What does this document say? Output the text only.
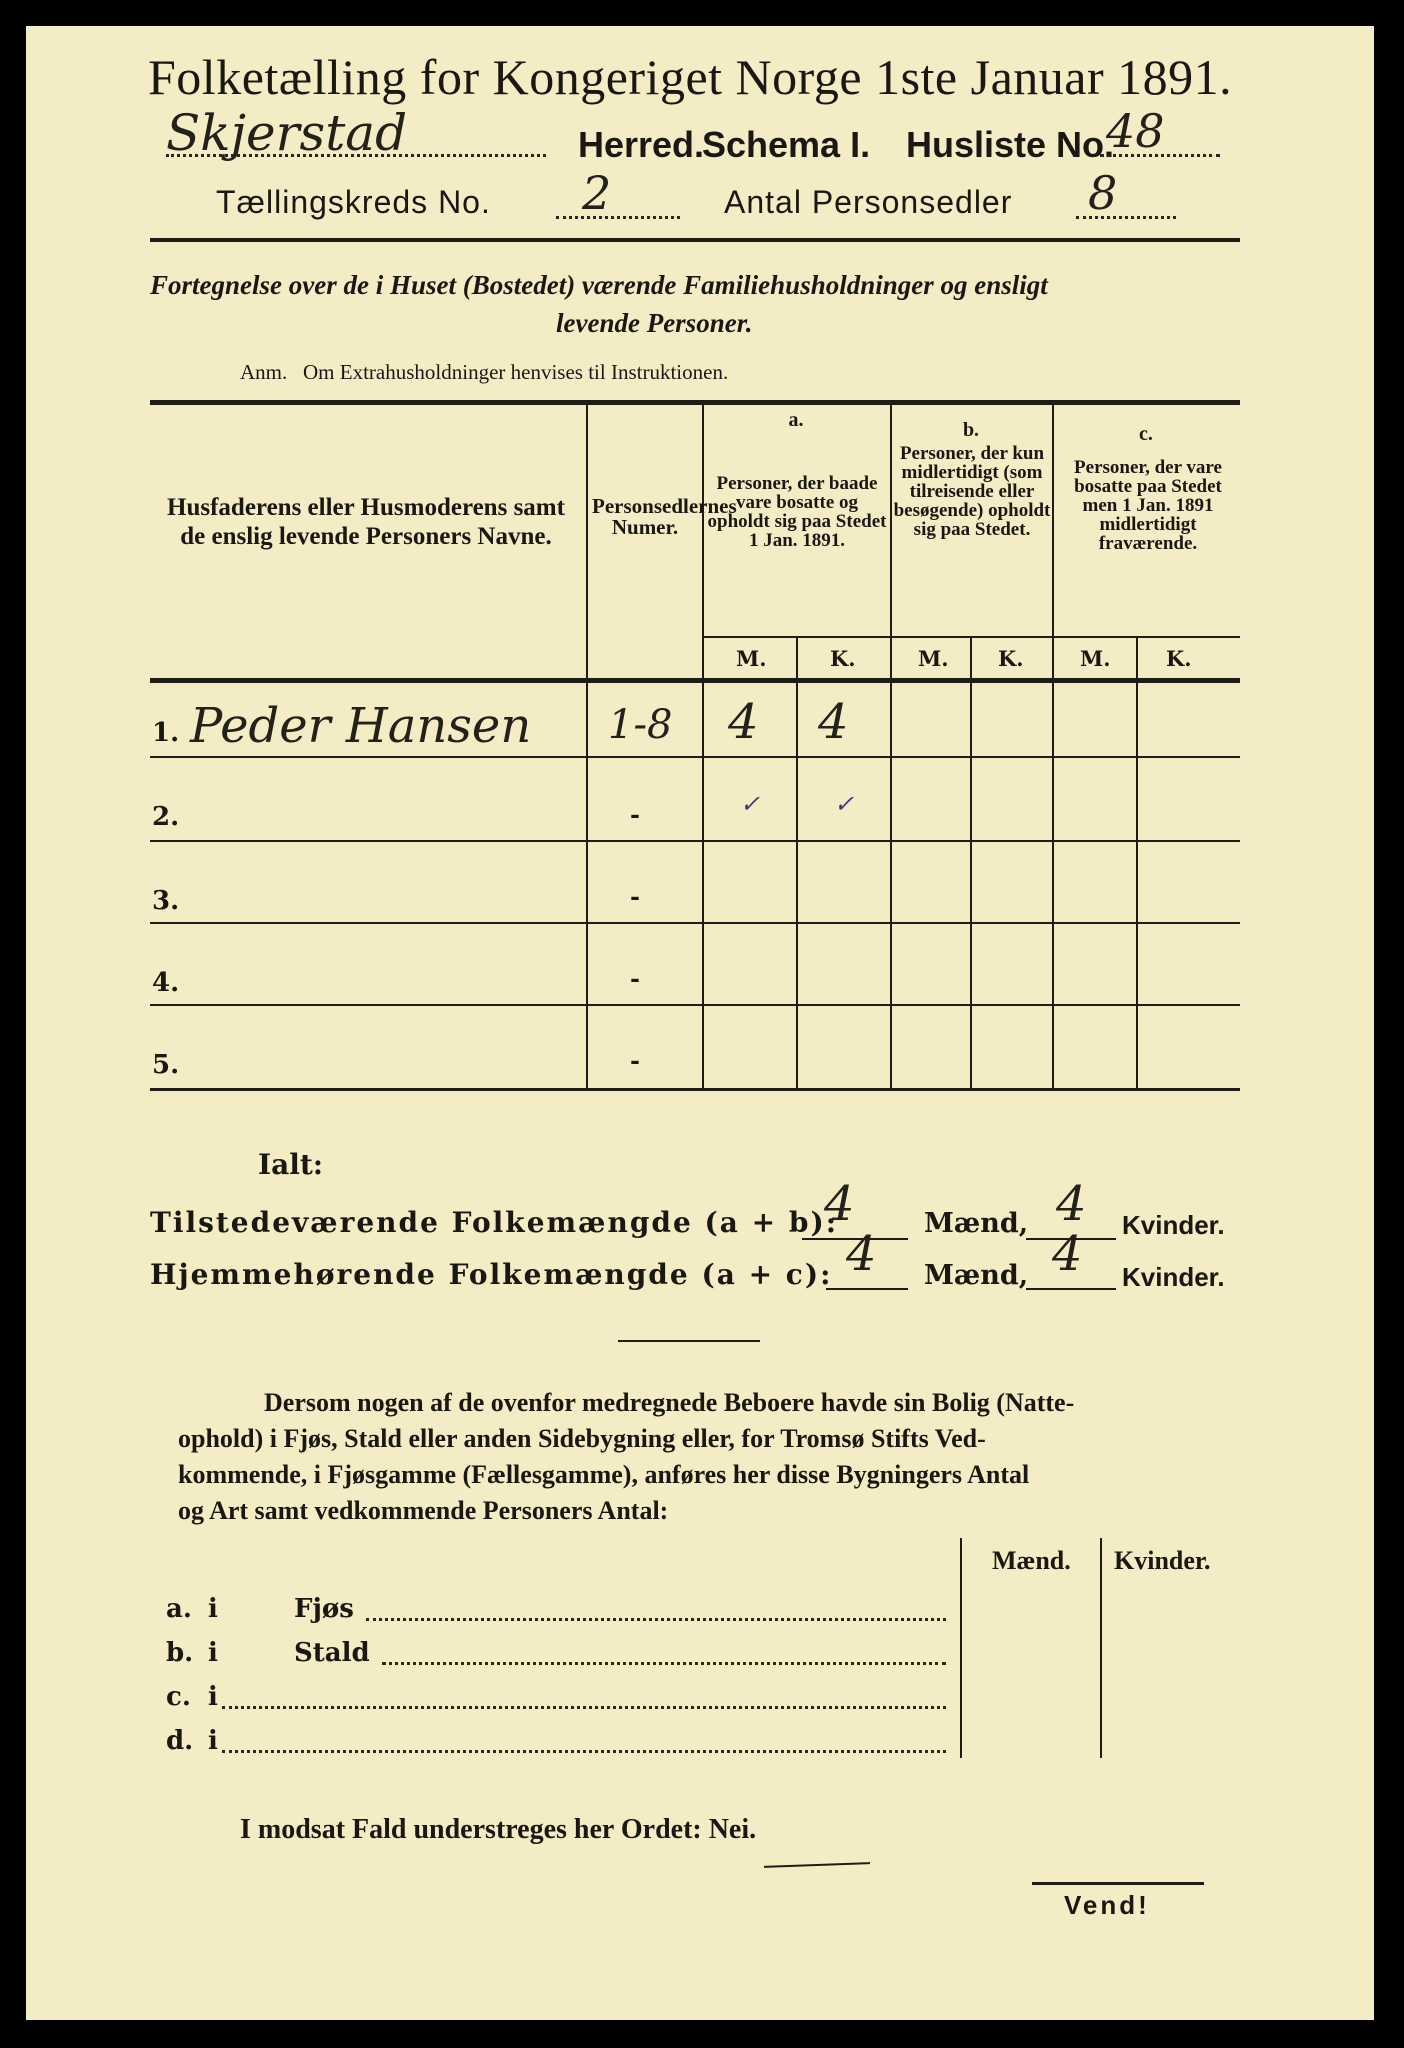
Folketælling for Kongeriget Norge 1ste Januar 1891.
Skjerstad	Herred.
Schema I. Husliste No.
48
Tællingskreds No. 2	Antal Personsedler 8
Fortegnelse over de i Huset (Bostedet) værende Familiehusholdninger og ensligt
levende Personer.
Anm.   Om Extrahusholdninger henvises til Instruktionen.
Husfaderens eller Husmoderens samt de enslig levende Personers Navne.
Personsedlernes Numer.
a.
Personer, der baade vare bosatte og opholdt sig paa Stedet 1 Jan. 1891.
b.
Personer, der kun midlertidigt (som tilreisende eller besøgende) opholdt sig paa Stedet.
c.
Personer, der vare bosatte paa Stedet men 1 Jan. 1891 midlertidigt fraværende.
M.	K.	M. K.	M.	K.
1. Peder Hansen 1-8 4 4
2.	-	✓	✓
3.	-
4.	-
5.	-
Ialt:
Tilstedeværende Folkemængde (a + b):
4	Mænd, 4 Kvinder.
Hjemmehørende Folkemængde (a + c): 4 Mænd, 4 Kvinder.
Dersom nogen af de ovenfor medregnede Beboere havde sin Bolig (Natte-
ophold) i Fjøs, Stald eller anden Sidebygning eller, for Tromsø Stifts Ved-
kommende, i Fjøsgamme (Fællesgamme), anføres her disse Bygningers Antal
og Art samt vedkommende Personers Antal:
Mænd. Kvinder.
a. i	Fjøs
b. i	Stald
c. i
d. i
I modsat Fald understreges her Ordet: Nei.
Vend!
